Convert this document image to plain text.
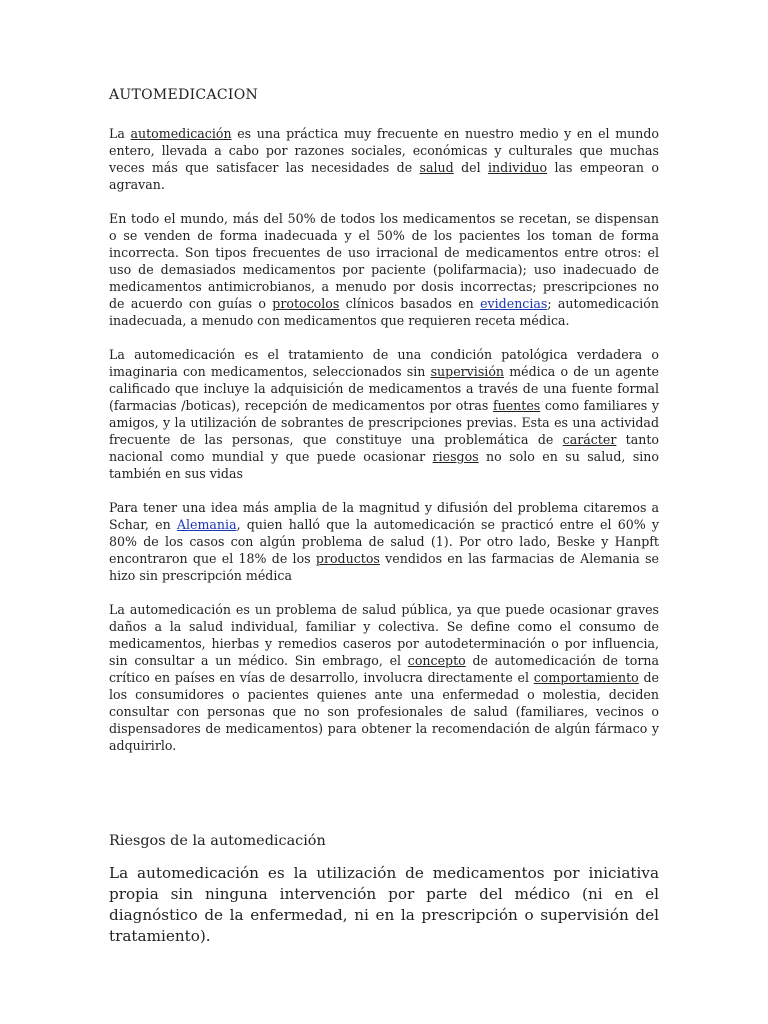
AUTOMEDICACION

La automedicación es una práctica muy frecuente en nuestro medio y en el mundo entero, llevada a cabo por razones sociales, económicas y culturales que muchas veces más que satisfacer las necesidades de salud del individuo las empeoran o agravan.

En todo el mundo, más del 50% de todos los medicamentos se recetan, se dispensan o se venden de forma inadecuada y el 50% de los pacientes los toman de forma incorrecta. Son tipos frecuentes de uso irracional de medicamentos entre otros: el uso de demasiados medicamentos por paciente (polifarmacia); uso inadecuado de medicamentos antimicrobianos, a menudo por dosis incorrectas; prescripciones no de acuerdo con guías o protocolos clínicos basados en evidencias; automedicación inadecuada, a menudo con medicamentos que requieren receta médica.

La automedicación es el tratamiento de una condición patológica verdadera o imaginaria con medicamentos, seleccionados sin supervisión médica o de un agente calificado que incluye la adquisición de medicamentos a través de una fuente formal (farmacias /boticas), recepción de medicamentos por otras fuentes como familiares y amigos, y la utilización de sobrantes de prescripciones previas. Esta es una actividad frecuente de las personas, que constituye una problemática de carácter tanto nacional como mundial y que puede ocasionar riesgos no solo en su salud, sino también en sus vidas

Para tener una idea más amplia de la magnitud y difusión del problema citaremos a Schar, en Alemania, quien halló que la automedicación se practicó entre el 60% y 80% de los casos con algún problema de salud (1). Por otro lado, Beske y Hanpft encontraron que el 18% de los productos vendidos en las farmacias de Alemania se hizo sin prescripción médica

La automedicación es un problema de salud pública, ya que puede ocasionar graves daños a la salud individual, familiar y colectiva. Se define como el consumo de medicamentos, hierbas y remedios caseros por autodeterminación o por influencia, sin consultar a un médico. Sin embrago, el concepto de automedicación de torna crítico en países en vías de desarrollo, involucra directamente el comportamiento de los consumidores o pacientes quienes ante una enfermedad o molestia, deciden consultar con personas que no son profesionales de salud (familiares, vecinos o dispensadores de medicamentos) para obtener la recomendación de algún fármaco y adquirirlo.

Riesgos de la automedicación

La automedicación es la utilización de medicamentos por iniciativa propia sin ninguna intervención por parte del médico (ni en el diagnóstico de la enfermedad, ni en la prescripción o supervisión del tratamiento).
